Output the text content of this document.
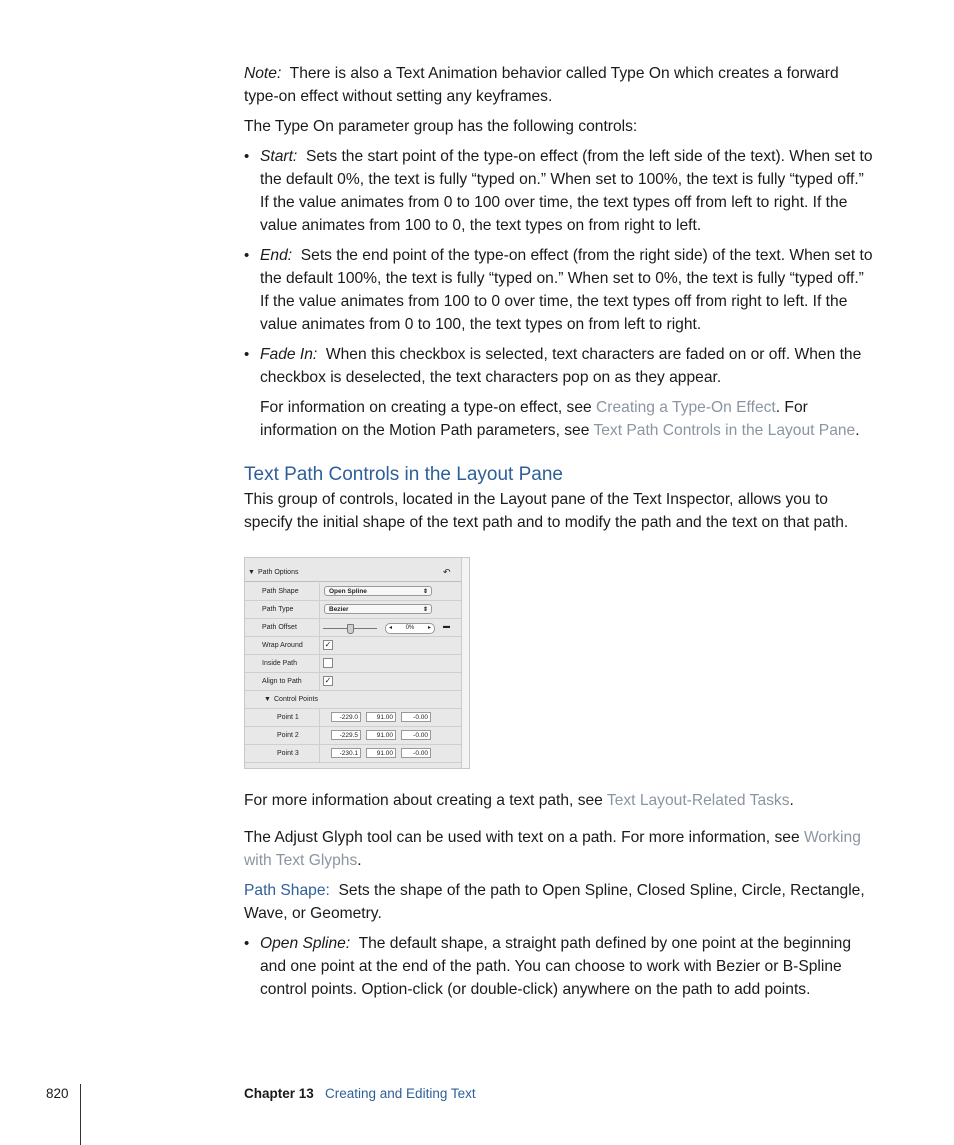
Note: There is also a Text Animation behavior called Type On which creates a forward type-on effect without setting any keyframes.

The Type On parameter group has the following controls:

• Start: Sets the start point of the type-on effect (from the left side of the text). When set to the default 0%, the text is fully “typed on.” When set to 100%, the text is fully “typed off.” If the value animates from 0 to 100 over time, the text types off from left to right. If the value animates from 100 to 0, the text types on from right to left.

• End: Sets the end point of the type-on effect (from the right side) of the text. When set to the default 100%, the text is fully “typed on.” When set to 0%, the text is fully “typed off.” If the value animates from 100 to 0 over time, the text types off from right to left. If the value animates from 0 to 100, the text types on from left to right.

• Fade In: When this checkbox is selected, text characters are faded on or off. When the checkbox is deselected, the text characters pop on as they appear.

For information on creating a type-on effect, see Creating a Type-On Effect. For information on the Motion Path parameters, see Text Path Controls in the Layout Pane.

Text Path Controls in the Layout Pane

This group of controls, located in the Layout pane of the Text Inspector, allows you to specify the initial shape of the text path and to modify the path and the text on that path.

▼ Path Options	↶
Path Shape	Open Spline	⇕
Path Type	Bezier	⇕
Path Offset	◂ 0% ▸ ▬
Wrap Around	✓
Inside Path
Align to Path	✓
▼ Control Points
Point 1	-229.0	91.00	-0.00
Point 2	-229.5	91.00	-0.00
Point 3	-230.1	91.00	-0.00

For more information about creating a text path, see Text Layout-Related Tasks.

The Adjust Glyph tool can be used with text on a path. For more information, see Working with Text Glyphs.

Path Shape: Sets the shape of the path to Open Spline, Closed Spline, Circle, Rectangle, Wave, or Geometry.

• Open Spline: The default shape, a straight path defined by one point at the beginning and one point at the end of the path. You can choose to work with Bezier or B-Spline control points. Option-click (or double-click) anywhere on the path to add points.

820	Chapter 13 Creating and Editing Text
